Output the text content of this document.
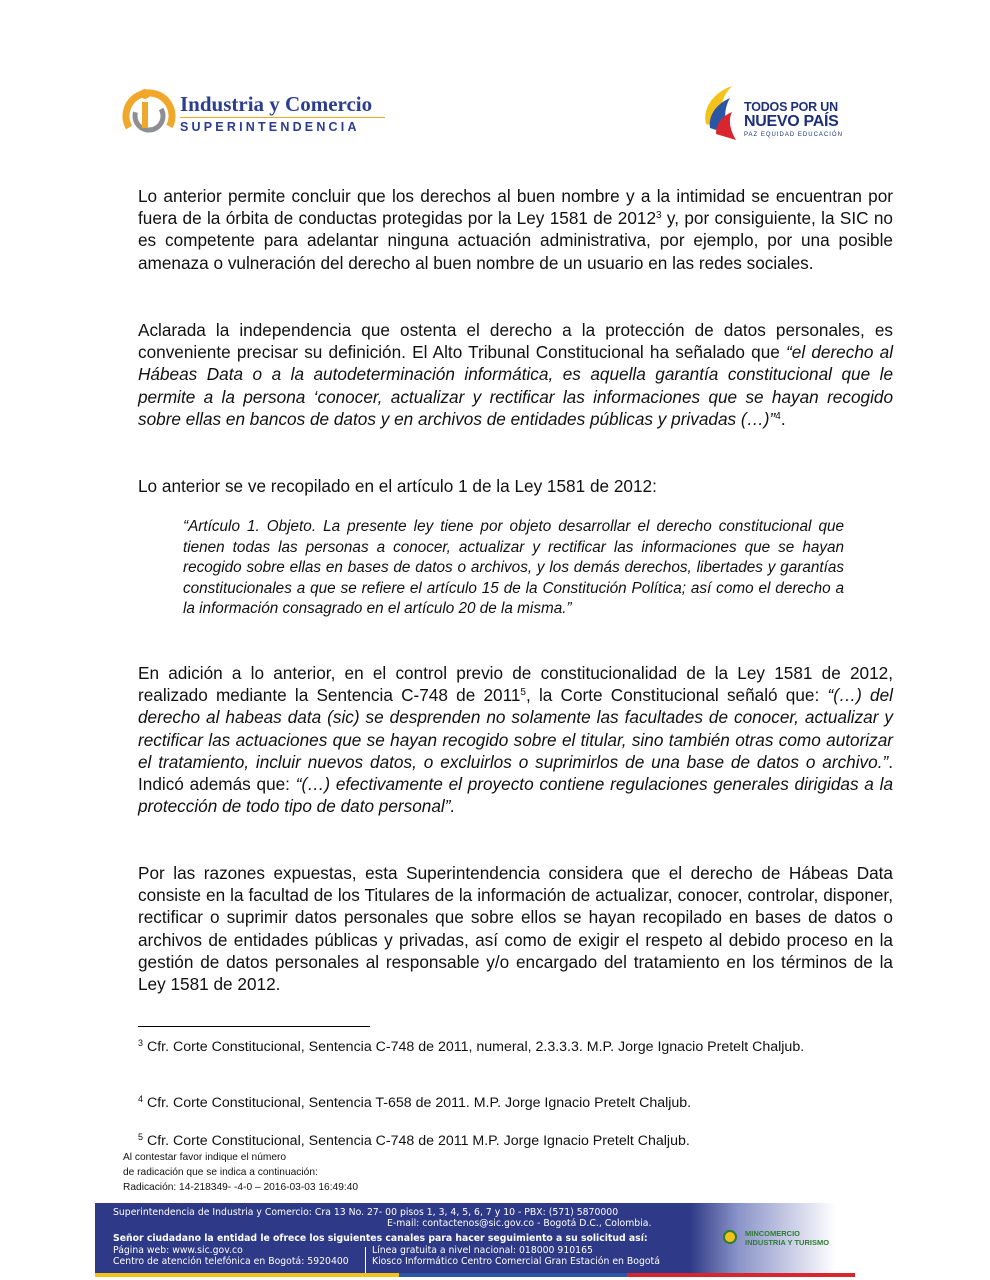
Industria y Comercio
SUPERINTENDENCIA
TODOS POR UN
NUEVO PAÍS
PAZ EQUIDAD EDUCACIÓN

Lo anterior permite concluir que los derechos al buen nombre y a la intimidad se encuentran por fuera de la órbita de conductas protegidas por la Ley 1581 de 2012$^3$ y, por consiguiente, la SIC no es competente para adelantar ninguna actuación administrativa, por ejemplo, por una posible amenaza o vulneración del derecho al buen nombre de un usuario en las redes sociales.

Aclarada la independencia que ostenta el derecho a la protección de datos personales, es conveniente precisar su definición. El Alto Tribunal Constitucional ha señalado que “el derecho al Hábeas Data o a la autodeterminación informática, es aquella garantía constitucional que le permite a la persona ‘conocer, actualizar y rectificar las informaciones que se hayan recogido sobre ellas en bancos de datos y en archivos de entidades públicas y privadas (…)”$^4$.

Lo anterior se ve recopilado en el artículo 1 de la Ley 1581 de 2012:

“Artículo 1. Objeto. La presente ley tiene por objeto desarrollar el derecho constitucional que tienen todas las personas a conocer, actualizar y rectificar las informaciones que se hayan recogido sobre ellas en bases de datos o archivos, y los demás derechos, libertades y garantías constitucionales a que se refiere el artículo 15 de la Constitución Política; así como el derecho a la información consagrado en el artículo 20 de la misma.”

En adición a lo anterior, en el control previo de constitucionalidad de la Ley 1581 de 2012, realizado mediante la Sentencia C-748 de 2011$^5$, la Corte Constitucional señaló que: “(…) del derecho al habeas data (sic) se desprenden no solamente las facultades de conocer, actualizar y rectificar las actuaciones que se hayan recogido sobre el titular, sino también otras como autorizar el tratamiento, incluir nuevos datos, o excluirlos o suprimirlos de una base de datos o archivo.”. Indicó además que: “(…) efectivamente el proyecto contiene regulaciones generales dirigidas a la protección de todo tipo de dato personal”.

Por las razones expuestas, esta Superintendencia considera que el derecho de Hábeas Data consiste en la facultad de los Titulares de la información de actualizar, conocer, controlar, disponer, rectificar o suprimir datos personales que sobre ellos se hayan recopilado en bases de datos o archivos de entidades públicas y privadas, así como de exigir el respeto al debido proceso en la gestión de datos personales al responsable y/o encargado del tratamiento en los términos de la Ley 1581 de 2012.

$^3$ Cfr. Corte Constitucional, Sentencia C-748 de 2011, numeral, 2.3.3.3. M.P. Jorge Ignacio Pretelt Chaljub.

$^4$ Cfr. Corte Constitucional, Sentencia T-658 de 2011. M.P. Jorge Ignacio Pretelt Chaljub.

$^5$ Cfr. Corte Constitucional, Sentencia C-748 de 2011 M.P. Jorge Ignacio Pretelt Chaljub.

Al contestar favor indique el número
de radicación que se indica a continuación:
Radicación: 14-218349- -4-0 – 2016-03-03 16:49:40
Superintendencia de Industria y Comercio: Cra 13 No. 27- 00 pisos 1, 3, 4, 5, 6, 7 y 10 - PBX: (571) 5870000
E-mail: contactenos@sic.gov.co - Bogotá D.C., Colombia.
Señor ciudadano la entidad le ofrece los siguientes canales para hacer seguimiento a su solicitud así:
Página web: www.sic.gov.co
Centro de atención telefónica en Bogotá: 5920400
Línea gratuita a nivel nacional: 018000 910165
Kiosco Informático Centro Comercial Gran Estación en Bogotá
MINCOMERCIO
INDUSTRIA Y TURISMO
